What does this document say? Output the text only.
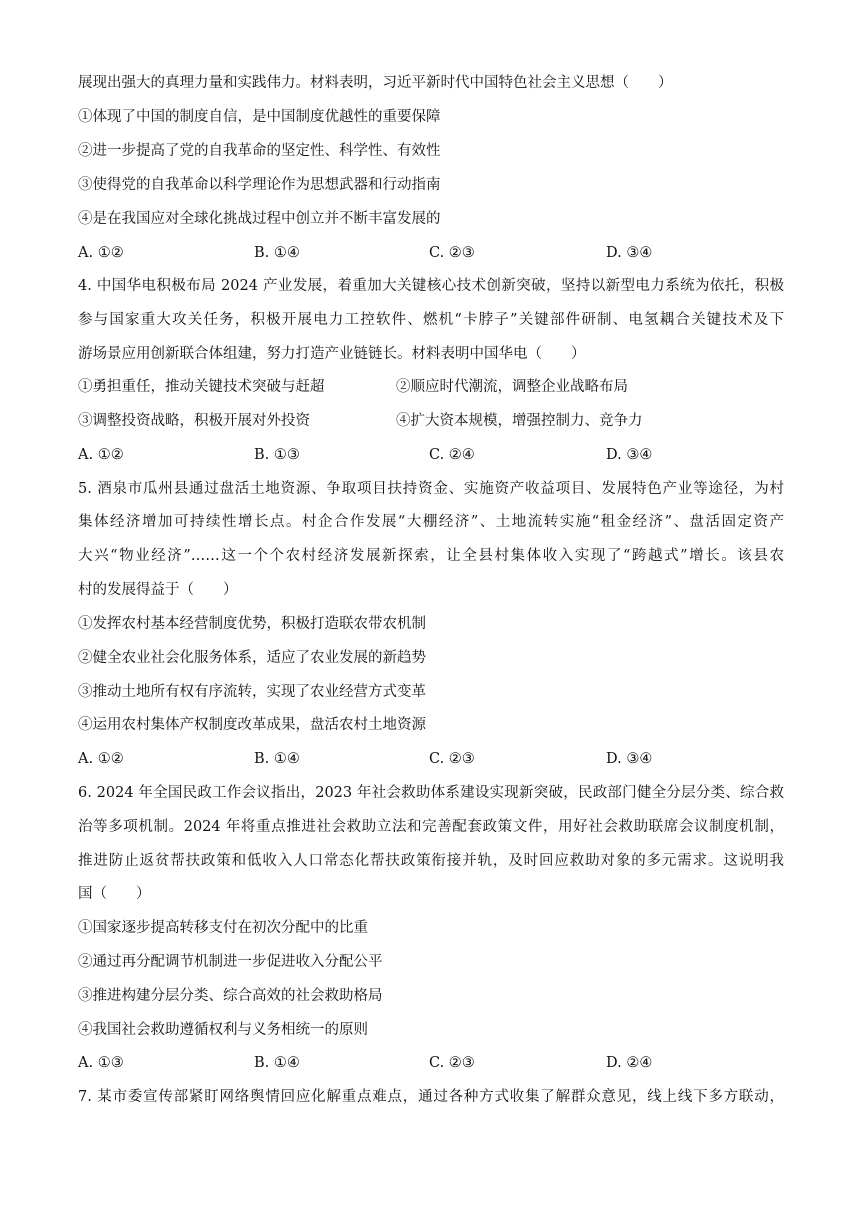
展现出强大的真理力量和实践伟力。材料表明，习近平新时代中国特色社会主义思想（　　）
①体现了中国的制度自信，是中国制度优越性的重要保障
②进一步提高了党的自我革命的坚定性、科学性、有效性
③使得党的自我革命以科学理论作为思想武器和行动指南
④是在我国应对全球化挑战过程中创立并不断丰富发展的
A. ①②	B. ①④	C. ②③	D. ③④
4. 中国华电积极布局 2024 产业发展，着重加大关键核心技术创新突破，坚持以新型电力系统为依托，积极
参与国家重大攻关任务，积极开展电力工控软件、燃机“卡脖子”关键部件研制、电氢耦合关键技术及下
游场景应用创新联合体组建，努力打造产业链链长。材料表明中国华电（　　）
①勇担重任，推动关键技术突破与赶超	②顺应时代潮流，调整企业战略布局
③调整投资战略，积极开展对外投资	④扩大资本规模，增强控制力、竞争力
A. ①②	B. ①③	C. ②④	D. ③④
5. 酒泉市瓜州县通过盘活土地资源、争取项目扶持资金、实施资产收益项目、发展特色产业等途径，为村
集体经济增加可持续性增长点。村企合作发展“大棚经济”、土地流转实施“租金经济”、盘活固定资产
大兴“物业经济”……这一个个农村经济发展新探索，让全县村集体收入实现了“跨越式”增长。该县农
村的发展得益于（　　）
①发挥农村基本经营制度优势，积极打造联农带农机制
②健全农业社会化服务体系，适应了农业发展的新趋势
③推动土地所有权有序流转，实现了农业经营方式变革
④运用农村集体产权制度改革成果，盘活农村土地资源
A. ①②	B. ①④	C. ②③	D. ③④
6. 2024 年全国民政工作会议指出，2023 年社会救助体系建设实现新突破，民政部门健全分层分类、综合救
治等多项机制。2024 年将重点推进社会救助立法和完善配套政策文件，用好社会救助联席会议制度机制，
推进防止返贫帮扶政策和低收入人口常态化帮扶政策衔接并轨，及时回应救助对象的多元需求。这说明我
国（　　）
①国家逐步提高转移支付在初次分配中的比重
②通过再分配调节机制进一步促进收入分配公平
③推进构建分层分类、综合高效的社会救助格局
④我国社会救助遵循权利与义务相统一的原则
A. ①③	B. ①④	C. ②③	D. ②④
7. 某市委宣传部紧盯网络舆情回应化解重点难点，通过各种方式收集了解群众意见，线上线下多方联动，
